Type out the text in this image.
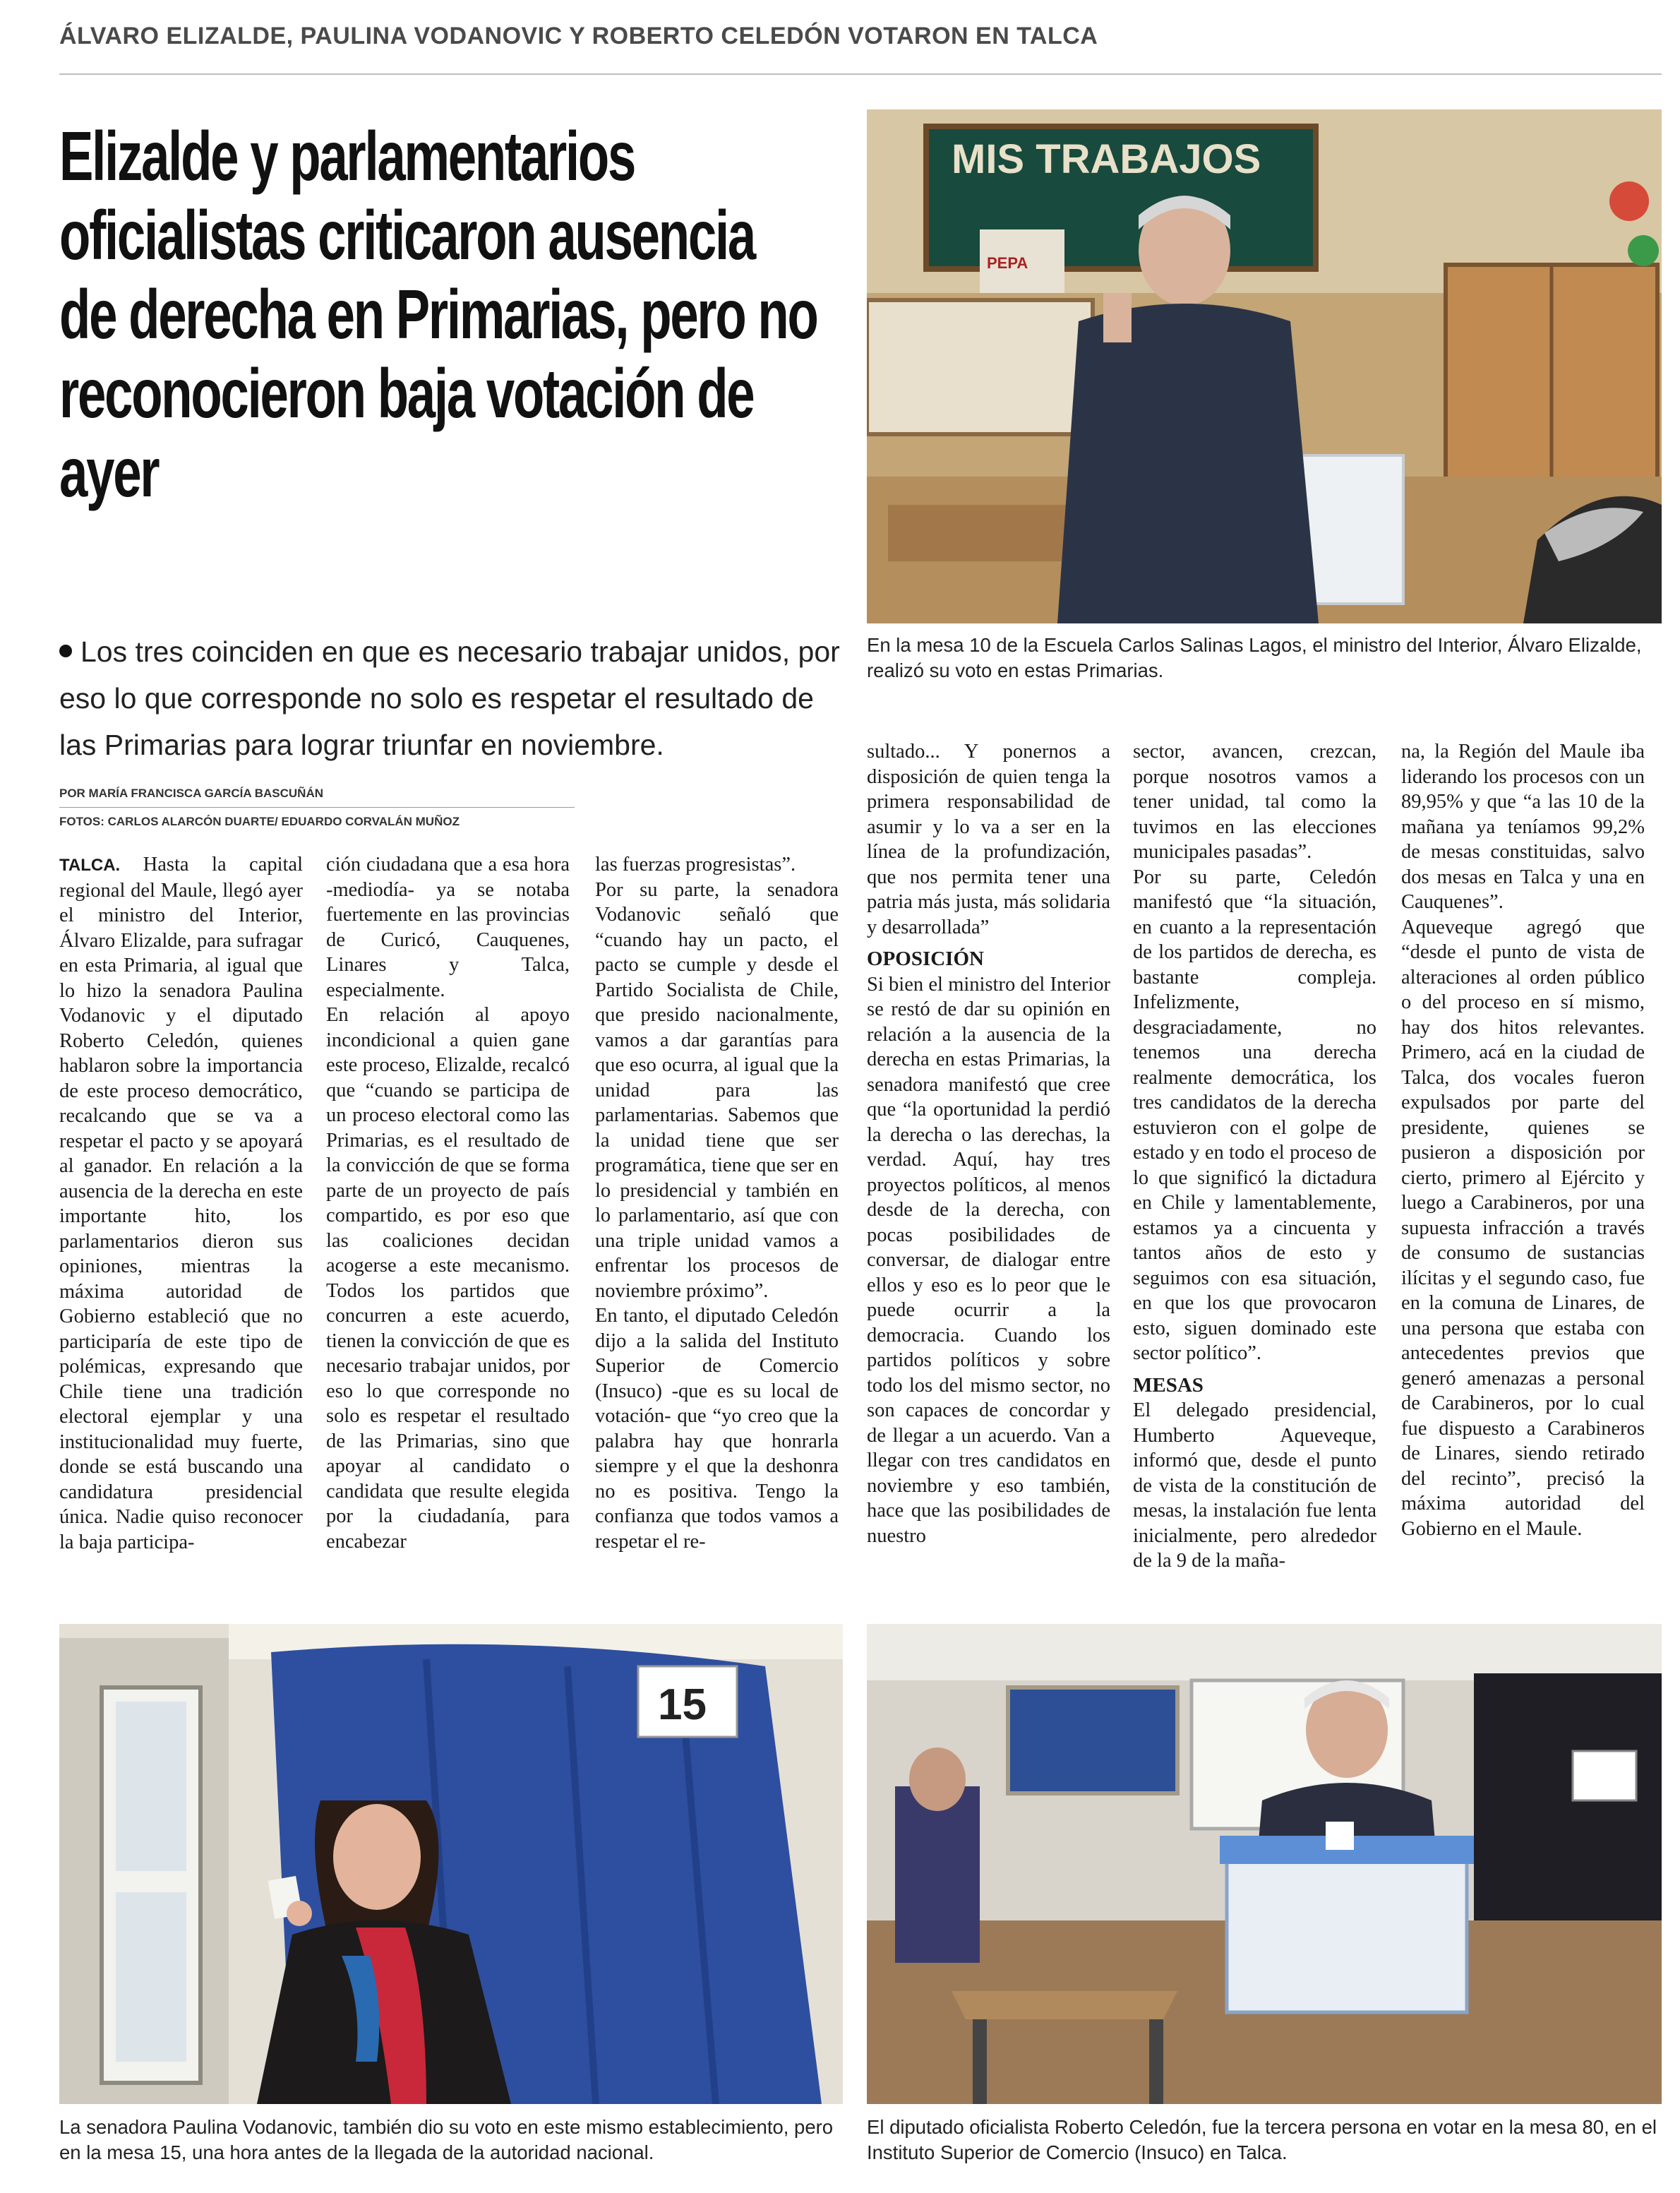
ÁLVARO ELIZALDE, PAULINA VODANOVIC Y ROBERTO CELEDÓN VOTARON EN TALCA
Elizalde y parlamentarios
oficialistas criticaron ausencia
de derecha en Primarias, pero no
reconocieron baja votación de ayer
Los tres coinciden en que es necesario trabajar unidos, por eso lo que corresponde no solo es respetar el resultado de las Primarias para lograr triunfar en noviembre.
POR MARÍA FRANCISCA GARCÍA BASCUÑÁN
FOTOS: CARLOS ALARCÓN DUARTE/ EDUARDO CORVALÁN MUÑOZ
MIS TRABAJOS
PEPA
En la mesa 10 de la Escuela Carlos Salinas Lagos, el ministro del Interior, Álvaro Elizalde, realizó su voto en estas Primarias.

TALCA. Hasta la capital regional del Maule, llegó ayer el ministro del Interior, Álvaro Elizalde, para sufragar en esta Primaria, al igual que lo hizo la senadora Paulina Vodanovic y el diputado Roberto Celedón, quienes hablaron sobre la importancia de este proceso democrático, recalcando que se va a respetar el pacto y se apoyará al ganador. En relación a la ausencia de la derecha en este importante hito, los parlamentarios dieron sus opiniones, mientras la máxima autoridad de Gobierno estableció que no participaría de este tipo de polémicas, expresando que Chile tiene una tradición electoral ejemplar y una institucionalidad muy fuerte, donde se está buscando una candidatura presidencial única. Nadie quiso reconocer la baja participa-

ción ciudadana que a esa hora -mediodía- ya se notaba fuertemente en las provincias de Curicó, Cauquenes, Linares y Talca, especialmente.

En relación al apoyo incondicional a quien gane este proceso, Elizalde, recalcó que “cuando se participa de un proceso electoral como las Primarias, es el resultado de la convicción de que se forma parte de un proyecto de país compartido, es por eso que las coaliciones decidan acogerse a este mecanismo. Todos los partidos que concurren a este acuerdo, tienen la convicción de que es necesario trabajar unidos, por eso lo que corresponde no solo es respetar el resultado de las Primarias, sino que apoyar al candidato o candidata que resulte elegida por la ciudadanía, para encabezar

las fuerzas progresistas”.

Por su parte, la senadora Vodanovic señaló que “cuando hay un pacto, el pacto se cumple y desde el Partido Socialista de Chile, que presido nacionalmente, vamos a dar garantías para que eso ocurra, al igual que la unidad para las parlamentarias. Sabemos que la unidad tiene que ser programática, tiene que ser en lo presidencial y también en lo parlamentario, así que con una triple unidad vamos a enfrentar los procesos de noviembre próximo”.

En tanto, el diputado Celedón dijo a la salida del Instituto Superior de Comercio (Insuco) -que es su local de votación- que “yo creo que la palabra hay que honrarla siempre y el que la deshonra no es positiva. Tengo la confianza que todos vamos a respetar el re-

sultado... Y ponernos a disposición de quien tenga la primera responsabilidad de asumir y lo va a ser en la línea de la profundización, que nos permita tener una patria más justa, más solidaria y desarrollada”

OPOSICIÓN

Si bien el ministro del Interior se restó de dar su opinión en relación a la ausencia de la derecha en estas Primarias, la senadora manifestó que cree que “la oportunidad la perdió la derecha o las derechas, la verdad. Aquí, hay tres proyectos políticos, al menos desde de la derecha, con pocas posibilidades de conversar, de dialogar entre ellos y eso es lo peor que le puede ocurrir a la democracia. Cuando los partidos políticos y sobre todo los del mismo sector, no son capaces de concordar y de llegar a un acuerdo. Van a llegar con tres candidatos en noviembre y eso también, hace que las posibilidades de nuestro

sector, avancen, crezcan, porque nosotros vamos a tener unidad, tal como la tuvimos en las elecciones municipales pasadas”.

Por su parte, Celedón manifestó que “la situación, en cuanto a la representación de los partidos de derecha, es bastante compleja. Infelizmente, desgraciadamente, no tenemos una derecha realmente democrática, los tres candidatos de la derecha estuvieron con el golpe de estado y en todo el proceso de lo que significó la dictadura en Chile y lamentablemente, estamos ya a cincuenta y tantos años de esto y seguimos con esa situación, en que los que provocaron esto, siguen dominado este sector político”.

MESAS

El delegado presidencial, Humberto Aqueveque, informó que, desde el punto de vista de la constitución de mesas, la instalación fue lenta inicialmente, pero alrededor de la 9 de la maña-

na, la Región del Maule iba liderando los procesos con un 89,95% y que “a las 10 de la mañana ya teníamos 99,2% de mesas constituidas, salvo dos mesas en Talca y una en Cauquenes”.

Aqueveque agregó que “desde el punto de vista de alteraciones al orden público o del proceso en sí mismo, hay dos hitos relevantes. Primero, acá en la ciudad de Talca, dos vocales fueron expulsados por parte del presidente, quienes se pusieron a disposición por cierto, primero al Ejército y luego a Carabineros, por una supuesta infracción a través de consumo de sustancias ilícitas y el segundo caso, fue en la comuna de Linares, de una persona que estaba con antecedentes previos que generó amenazas a personal de Carabineros, por lo cual fue dispuesto a Carabineros de Linares, siendo retirado del recinto”, precisó la máxima autoridad del Gobierno en el Maule.

15
La senadora Paulina Vodanovic, también dio su voto en este mismo establecimiento, pero en la mesa 15, una hora antes de la llegada de la autoridad nacional.
El diputado oficialista Roberto Celedón, fue la tercera persona en votar en la mesa 80, en el Instituto Superior de Comercio (Insuco) en Talca.
